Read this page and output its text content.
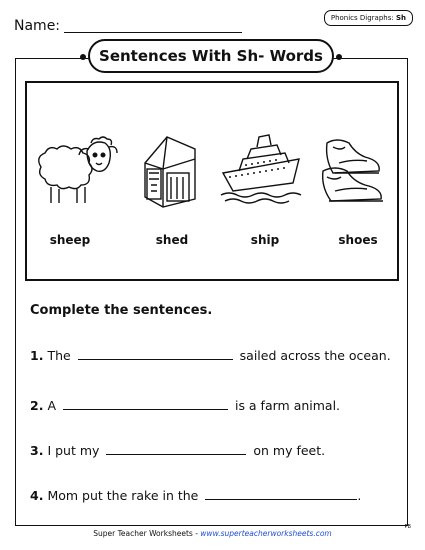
Name:	Phonics Digraphs: Sh
Sentences With Sh- Words
sheep	shed	ship	shoes
Complete the sentences.
1. The	sailed across the ocean.
2. A	is a farm animal.
3. I put my	on my feet.
4. Mom put the rake in the	.
Super Teacher Worksheets - www.superteacherworksheets.com
PB
